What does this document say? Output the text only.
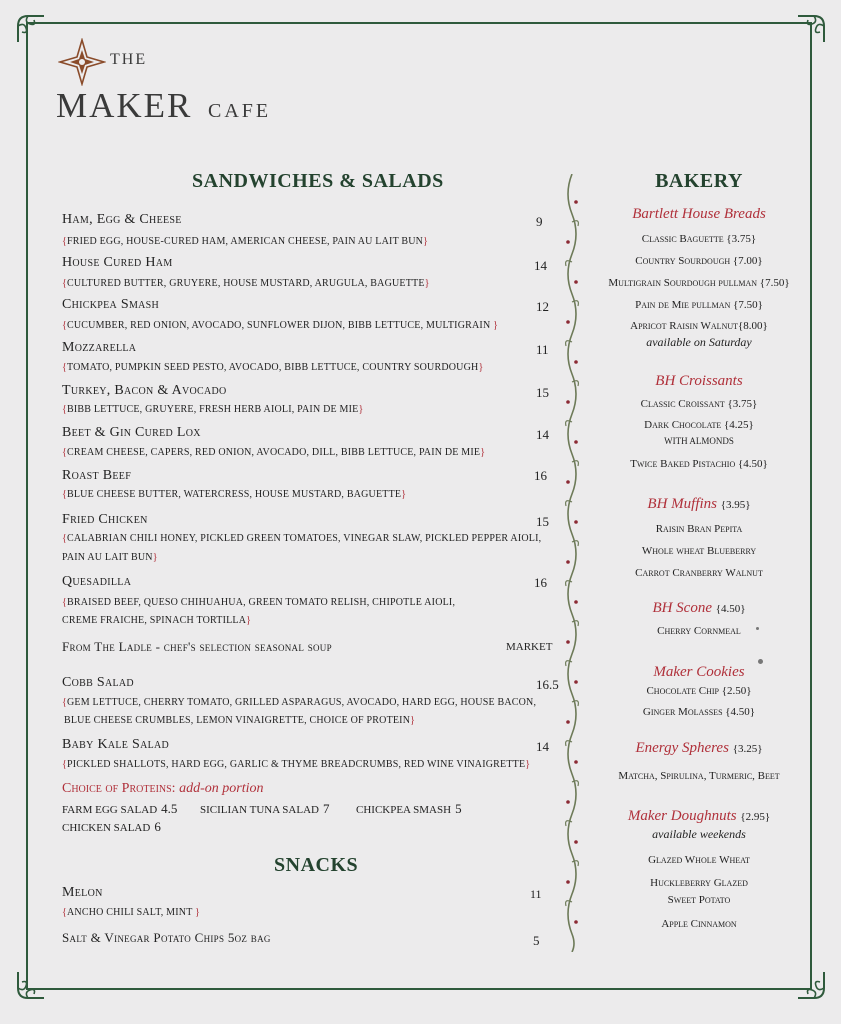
THE
MAKER CAFE
SANDWICHES & SALADS
Ham, Egg & Cheese	9
{FRIED EGG, HOUSE-CURED HAM, AMERICAN CHEESE, PAIN AU LAIT BUN}
House Cured Ham	14
{CULTURED BUTTER, GRUYERE, HOUSE MUSTARD, ARUGULA, BAGUETTE}
Chickpea Smash	12
{CUCUMBER, RED ONION, AVOCADO, SUNFLOWER DIJON, BIBB LETTUCE, MULTIGRAIN }
Mozzarella	11
{TOMATO, PUMPKIN SEED PESTO, AVOCADO, BIBB LETTUCE, COUNTRY SOURDOUGH}
Turkey, Bacon & Avocado	15
{BIBB LETTUCE, GRUYERE, FRESH HERB AIOLI, PAIN DE MIE}
Beet & Gin Cured Lox	14
{CREAM CHEESE, CAPERS, RED ONION, AVOCADO, DILL, BIBB LETTUCE, PAIN DE MIE}
Roast Beef	16
{BLUE CHEESE BUTTER, WATERCRESS, HOUSE MUSTARD, BAGUETTE}
Fried Chicken	15
{CALABRIAN CHILI HONEY, PICKLED GREEN TOMATOES, VINEGAR SLAW, PICKLED PEPPER AIOLI,
PAIN AU LAIT BUN}
Quesadilla	16
{BRAISED BEEF, QUESO CHIHUAHUA, GREEN TOMATO RELISH, CHIPOTLE AIOLI,
CREME FRAICHE, SPINACH TORTILLA}
From The Ladle - chef's selection seasonal soup	MARKET
Cobb Salad	16.5
{GEM LETTUCE, CHERRY TOMATO, GRILLED ASPARAGUS, AVOCADO, HARD EGG, HOUSE BACON,
BLUE CHEESE CRUMBLES, LEMON VINAIGRETTE, CHOICE OF PROTEIN}
Baby Kale Salad	14
{PICKLED SHALLOTS, HARD EGG, GARLIC & THYME BREADCRUMBS, RED WINE VINAIGRETTE}
Choice of Proteins: add-on portion
FARM EGG SALAD 4.5 SICILIAN TUNA SALAD 7 CHICKPEA SMASH 5
CHICKEN SALAD 6
SNACKS
Melon	11
{ANCHO CHILI SALT, MINT }
Salt & Vinegar Potato Chips 5oz bag	5
BAKERY
Bartlett House Breads
Classic Baguette {3.75}
Country Sourdough {7.00}
Multigrain Sourdough pullman {7.50}
Pain de Mie pullman {7.50}
Apricot Raisin Walnut{8.00}
available on Saturday
BH Croissants
Classic Croissant {3.75}
Dark Chocolate {4.25}
WITH ALMONDS
Twice Baked Pistachio {4.50}
BH Muffins {3.95}
Raisin Bran Pepita
Whole wheat Blueberry
Carrot Cranberry Walnut
BH Scone {4.50}
Cherry Cornmeal
Maker Cookies
Chocolate Chip {2.50}
Ginger Molasses {4.50}
Energy Spheres {3.25}
Matcha, Spirulina, Turmeric, Beet
Maker Doughnuts {2.95}
available weekends
Glazed Whole Wheat
Huckleberry Glazed
Sweet Potato
Apple Cinnamon
